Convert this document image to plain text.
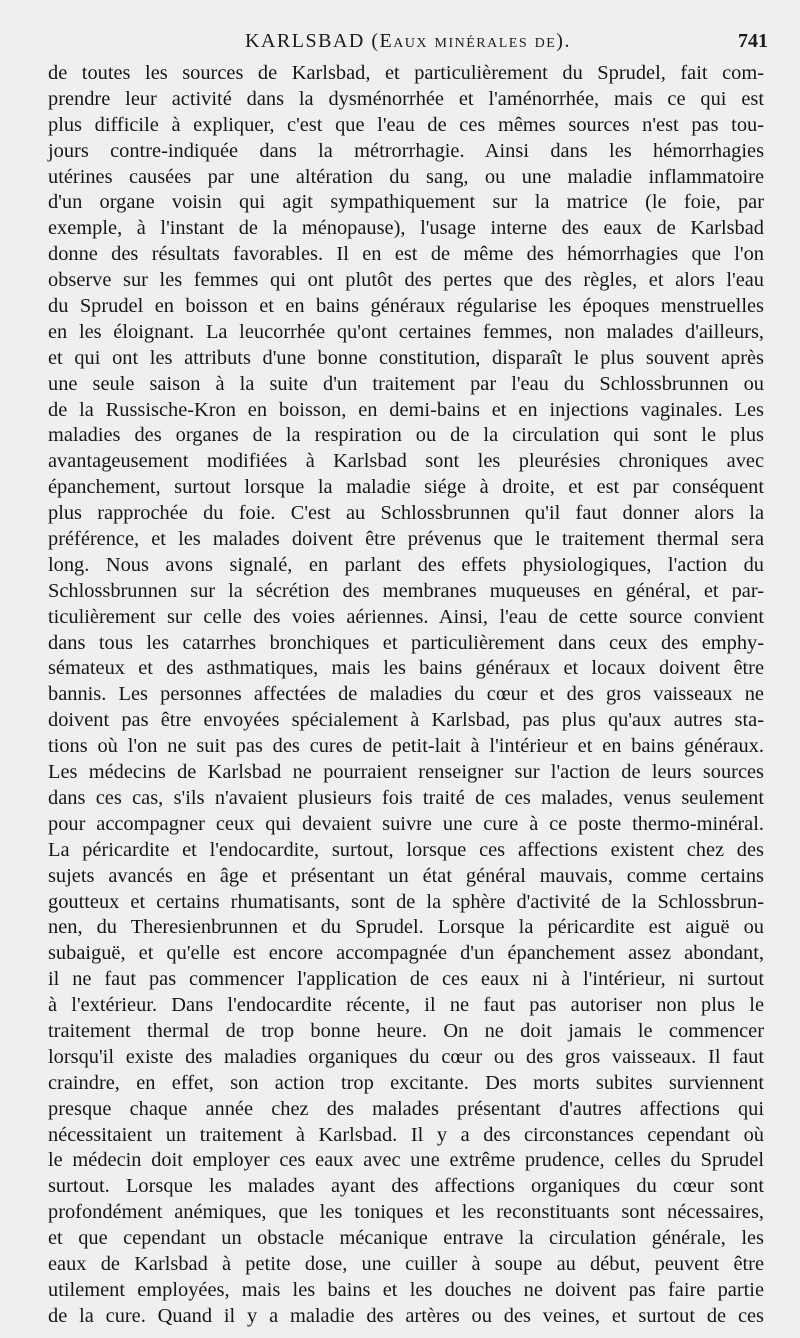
KARLSBAD (Eaux minérales de).	741
de toutes les sources de Karlsbad, et particulièrement du Sprudel, fait com-
prendre leur activité dans la dysménorrhée et l'aménorrhée, mais ce qui est
plus difficile à expliquer, c'est que l'eau de ces mêmes sources n'est pas tou-
jours contre-indiquée dans la métrorrhagie. Ainsi dans les hémorrhagies
utérines causées par une altération du sang, ou une maladie inflammatoire
d'un organe voisin qui agit sympathiquement sur la matrice (le foie, par
exemple, à l'instant de la ménopause), l'usage interne des eaux de Karlsbad
donne des résultats favorables. Il en est de même des hémorrhagies que l'on
observe sur les femmes qui ont plutôt des pertes que des règles, et alors l'eau
du Sprudel en boisson et en bains généraux régularise les époques menstruelles
en les éloignant. La leucorrhée qu'ont certaines femmes, non malades d'ailleurs,
et qui ont les attributs d'une bonne constitution, disparaît le plus souvent après
une seule saison à la suite d'un traitement par l'eau du Schlossbrunnen ou
de la Russische-Kron en boisson, en demi-bains et en injections vaginales. Les
maladies des organes de la respiration ou de la circulation qui sont le plus
avantageusement modifiées à Karlsbad sont les pleurésies chroniques avec
épanchement, surtout lorsque la maladie siége à droite, et est par conséquent
plus rapprochée du foie. C'est au Schlossbrunnen qu'il faut donner alors la
préférence, et les malades doivent être prévenus que le traitement thermal sera
long. Nous avons signalé, en parlant des effets physiologiques, l'action du
Schlossbrunnen sur la sécrétion des membranes muqueuses en général, et par-
ticulièrement sur celle des voies aériennes. Ainsi, l'eau de cette source convient
dans tous les catarrhes bronchiques et particulièrement dans ceux des emphy-
sémateux et des asthmatiques, mais les bains généraux et locaux doivent être
bannis. Les personnes affectées de maladies du cœur et des gros vaisseaux ne
doivent pas être envoyées spécialement à Karlsbad, pas plus qu'aux autres sta-
tions où l'on ne suit pas des cures de petit-lait à l'intérieur et en bains généraux.
Les médecins de Karlsbad ne pourraient renseigner sur l'action de leurs sources
dans ces cas, s'ils n'avaient plusieurs fois traité de ces malades, venus seulement
pour accompagner ceux qui devaient suivre une cure à ce poste thermo-minéral.
La péricardite et l'endocardite, surtout, lorsque ces affections existent chez des
sujets avancés en âge et présentant un état général mauvais, comme certains
goutteux et certains rhumatisants, sont de la sphère d'activité de la Schlossbrun-
nen, du Theresienbrunnen et du Sprudel. Lorsque la péricardite est aiguë ou
subaiguë, et qu'elle est encore accompagnée d'un épanchement assez abondant,
il ne faut pas commencer l'application de ces eaux ni à l'intérieur, ni surtout
à l'extérieur. Dans l'endocardite récente, il ne faut pas autoriser non plus le
traitement thermal de trop bonne heure. On ne doit jamais le commencer
lorsqu'il existe des maladies organiques du cœur ou des gros vaisseaux. Il faut
craindre, en effet, son action trop excitante. Des morts subites surviennent
presque chaque année chez des malades présentant d'autres affections qui
nécessitaient un traitement à Karlsbad. Il y a des circonstances cependant où
le médecin doit employer ces eaux avec une extrême prudence, celles du Sprudel
surtout. Lorsque les malades ayant des affections organiques du cœur sont
profondément anémiques, que les toniques et les reconstituants sont nécessaires,
et que cependant un obstacle mécanique entrave la circulation générale, les
eaux de Karlsbad à petite dose, une cuiller à soupe au début, peuvent être
utilement employées, mais les bains et les douches ne doivent pas faire partie
de la cure. Quand il y a maladie des artères ou des veines, et surtout de ces
